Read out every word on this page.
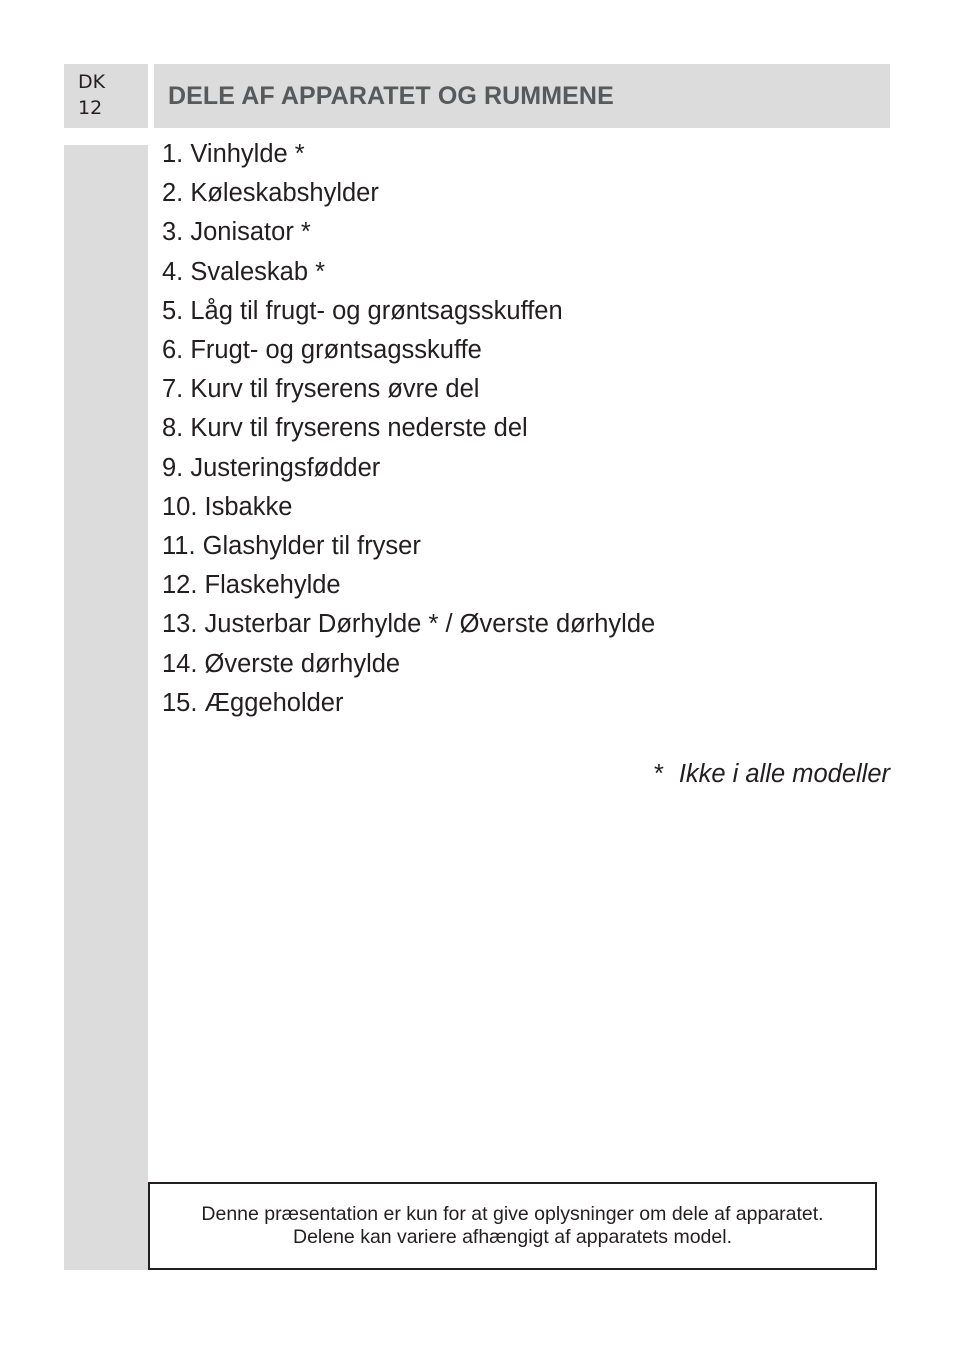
DK
12	DELE AF APPARATET OG RUMMENE
1. Vinhylde *
2. Køleskabshylder
3. Jonisator *
4. Svaleskab *
5. Låg til frugt- og grøntsagsskuffen
6. Frugt- og grøntsagsskuffe
7. Kurv til fryserens øvre del
8. Kurv til fryserens nederste del
9. Justeringsfødder
10. Isbakke
11. Glashylder til fryser
12. Flaskehylde
13. Justerbar Dørhylde * / Øverste dørhylde
14. Øverste dørhylde
15. Æggeholder
* Ikke i alle modeller
Denne præsentation er kun for at give oplysninger om dele af apparatet.
Delene kan variere afhængigt af apparatets model.
